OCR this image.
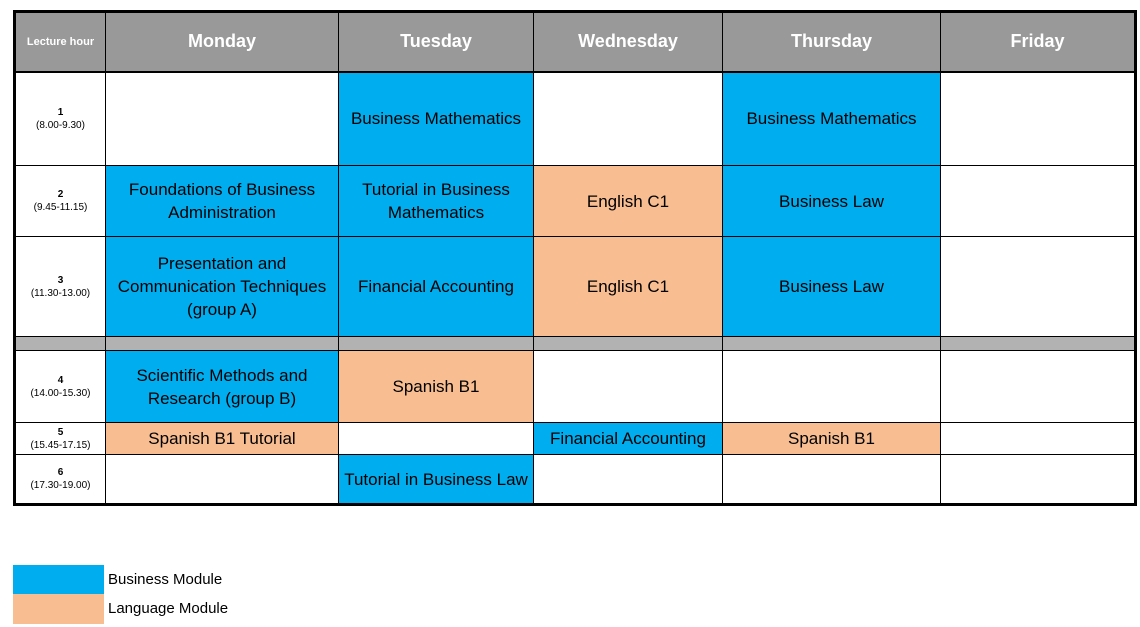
Lecture hour	Monday	Tuesday	Wednesday	Thursday	Friday

1
(8.00-9.30)		Business Mathematics		Business Mathematics	

2
(9.45-11.15)	Foundations of Business Administration	Tutorial in Business Mathematics	English C1	Business Law	

3
(11.30-13.00)	Presentation and Communication Techniques (group A)	Financial Accounting	English C1	Business Law	

4
(14.00-15.30)	Scientific Methods and Research (group B)	Spanish B1			

5
(15.45-17.15)	Spanish B1 Tutorial		Financial Accounting	Spanish B1	

6
(17.30-19.00)		Tutorial in Business Law			
Business Module
Language Module
